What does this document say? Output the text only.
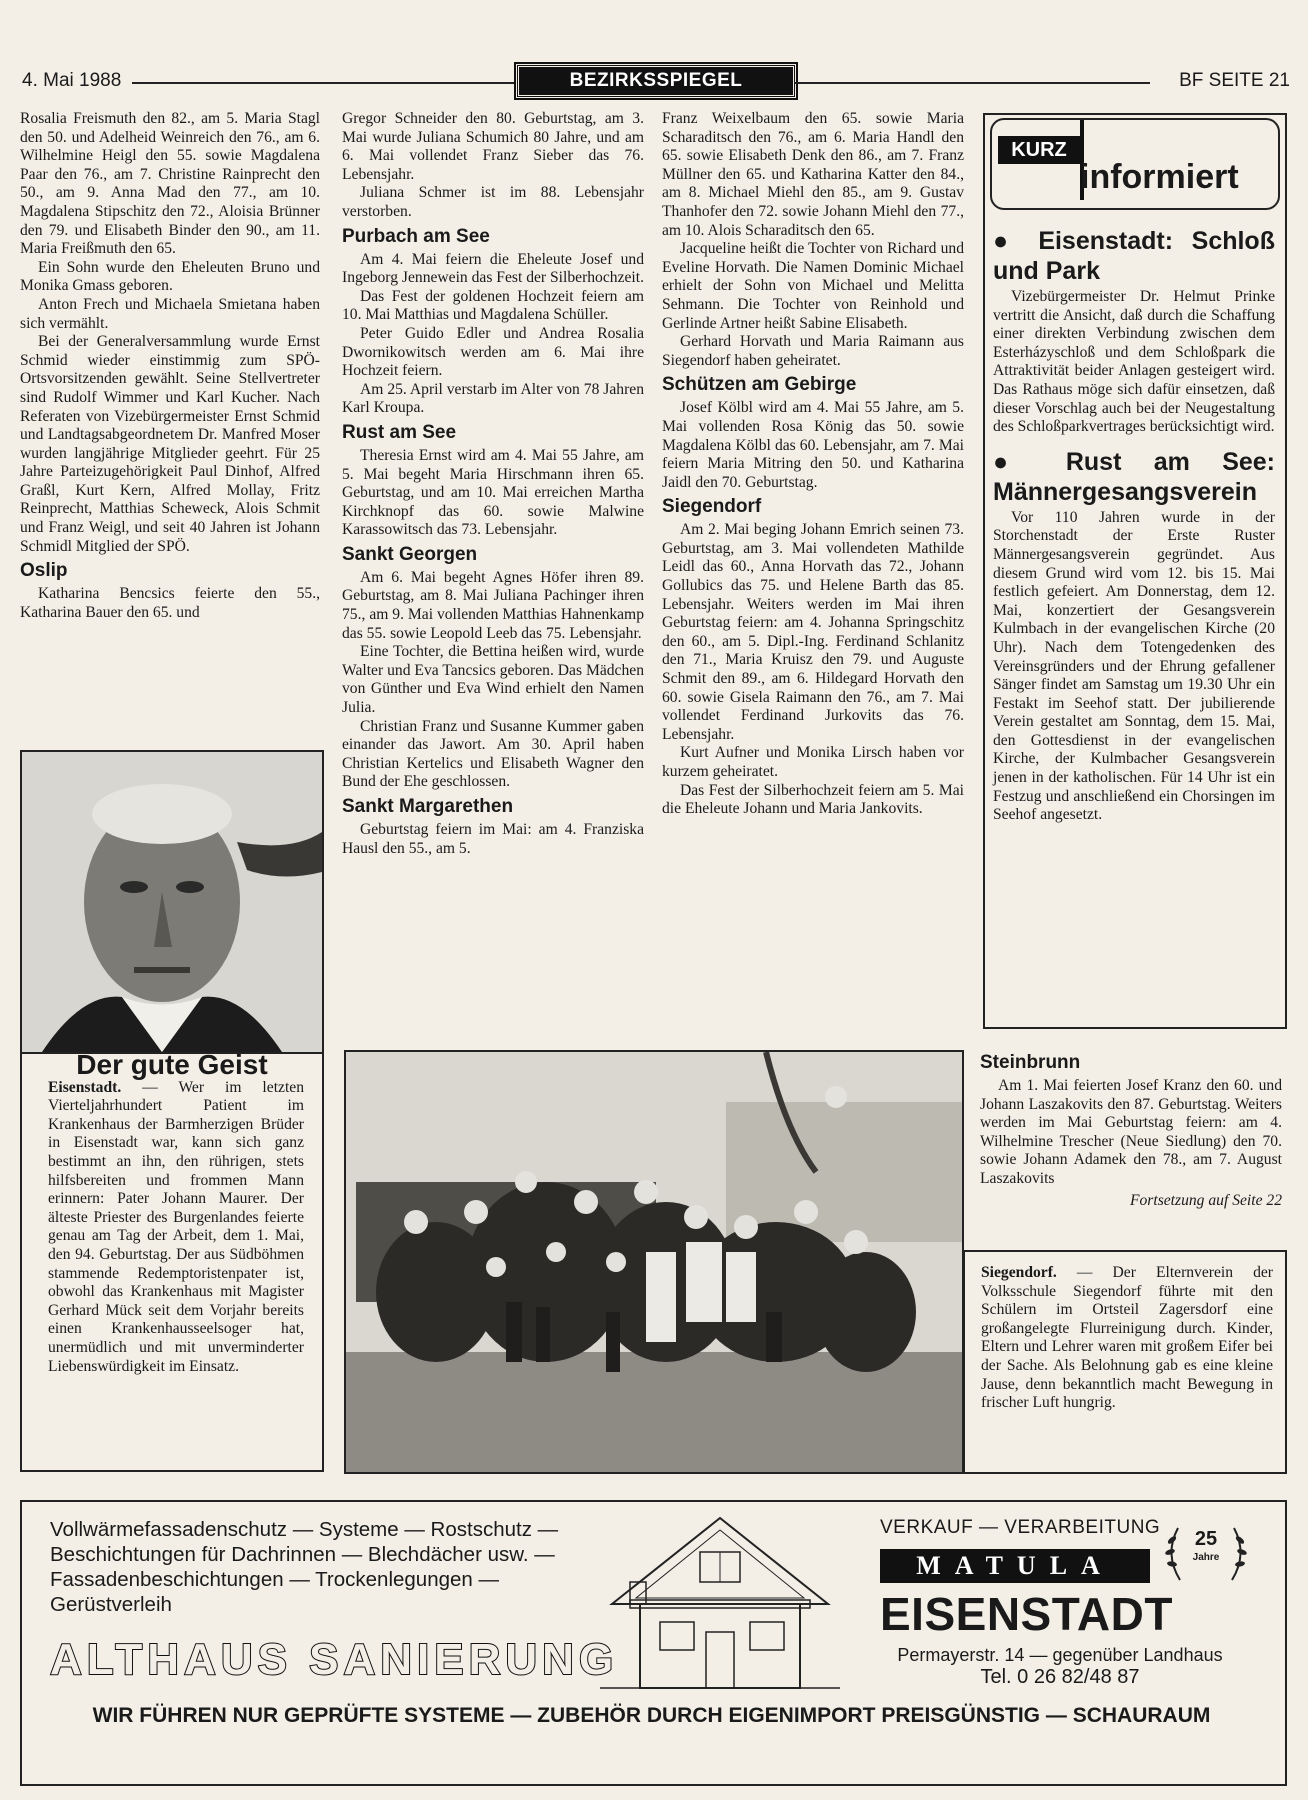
4. Mai 1988	BEZIRKSSPIEGEL	BF SEITE 21

Rosalia Freismuth den 82., am 5. Maria Stagl den 50. und Adelheid Weinreich den 76., am 6. Wilhelmine Heigl den 55. sowie Magdalena Paar den 76., am 7. Christine Rainprecht den 50., am 9. Anna Mad den 77., am 10. Magdalena Stipschitz den 72., Aloisia Brünner den 79. und Elisabeth Binder den 90., am 11. Maria Freißmuth den 65.

Ein Sohn wurde den Eheleuten Bruno und Monika Gmass geboren.

Anton Frech und Michaela Smietana haben sich vermählt.

Bei der Generalversammlung wurde Ernst Schmid wieder einstimmig zum SPÖ-Ortsvorsitzenden gewählt. Seine Stellvertreter sind Rudolf Wimmer und Karl Kucher. Nach Referaten von Vizebürgermeister Ernst Schmid und Landtagsabgeordnetem Dr. Manfred Moser wurden langjährige Mitglieder geehrt. Für 25 Jahre Parteizugehörigkeit Paul Dinhof, Alfred Graßl, Kurt Kern, Alfred Mollay, Fritz Reinprecht, Matthias Scheweck, Alois Schmit und Franz Weigl, und seit 40 Jahren ist Johann Schmidl Mitglied der SPÖ.

Oslip

Katharina Bencsics feierte den 55., Katharina Bauer den 65. und

Der gute Geist
Eisenstadt. — Wer im letzten Vierteljahrhundert Patient im Krankenhaus der Barmherzigen Brüder in Eisenstadt war, kann sich ganz bestimmt an ihn, den rührigen, stets hilfsbereiten und frommen Mann erinnern: Pater Johann Maurer. Der älteste Priester des Burgenlandes feierte genau am Tag der Arbeit, dem 1. Mai, den 94. Geburtstag. Der aus Südböhmen stammende Redemptoristenpater ist, obwohl das Krankenhaus mit Magister Gerhard Mück seit dem Vorjahr bereits einen Krankenhausseelsoger hat, unermüdlich und mit unverminderter Liebenswürdigkeit im Einsatz.

Gregor Schneider den 80. Geburtstag, am 3. Mai wurde Juliana Schumich 80 Jahre, und am 6. Mai vollendet Franz Sieber das 76. Lebensjahr.

Juliana Schmer ist im 88. Lebensjahr verstorben.

Purbach am See

Am 4. Mai feiern die Eheleute Josef und Ingeborg Jennewein das Fest der Silberhochzeit.

Das Fest der goldenen Hochzeit feiern am 10. Mai Matthias und Magdalena Schüller.

Peter Guido Edler und Andrea Rosalia Dwornikowitsch werden am 6. Mai ihre Hochzeit feiern.

Am 25. April verstarb im Alter von 78 Jahren Karl Kroupa.

Rust am See

Theresia Ernst wird am 4. Mai 55 Jahre, am 5. Mai begeht Maria Hirschmann ihren 65. Geburtstag, und am 10. Mai erreichen Martha Kirchknopf das 60. sowie Malwine Karassowitsch das 73. Lebensjahr.

Sankt Georgen

Am 6. Mai begeht Agnes Höfer ihren 89. Geburtstag, am 8. Mai Juliana Pachinger ihren 75., am 9. Mai vollenden Matthias Hahnenkamp das 55. sowie Leopold Leeb das 75. Lebensjahr.

Eine Tochter, die Bettina heißen wird, wurde Walter und Eva Tancsics geboren. Das Mädchen von Günther und Eva Wind erhielt den Namen Julia.

Christian Franz und Susanne Kummer gaben einander das Jawort. Am 30. April haben Christian Kertelics und Elisabeth Wagner den Bund der Ehe geschlossen.

Sankt Margarethen

Geburtstag feiern im Mai: am 4. Franziska Hausl den 55., am 5.

Franz Weixelbaum den 65. sowie Maria Scharaditsch den 76., am 6. Maria Handl den 65. sowie Elisabeth Denk den 86., am 7. Franz Müllner den 65. und Katharina Katter den 84., am 8. Michael Miehl den 85., am 9. Gustav Thanhofer den 72. sowie Johann Miehl den 77., am 10. Alois Scharaditsch den 65.

Jacqueline heißt die Tochter von Richard und Eveline Horvath. Die Namen Dominic Michael erhielt der Sohn von Michael und Melitta Sehmann. Die Tochter von Reinhold und Gerlinde Artner heißt Sabine Elisabeth.

Gerhard Horvath und Maria Raimann aus Siegendorf haben geheiratet.

Schützen am Gebirge

Josef Kölbl wird am 4. Mai 55 Jahre, am 5. Mai vollenden Rosa König das 50. sowie Magdalena Kölbl das 60. Lebensjahr, am 7. Mai feiern Maria Mitring den 50. und Katharina Jaidl den 70. Geburtstag.

Siegendorf

Am 2. Mai beging Johann Emrich seinen 73. Geburtstag, am 3. Mai vollendeten Mathilde Leidl das 60., Anna Horvath das 72., Johann Gollubics das 75. und Helene Barth das 85. Lebensjahr. Weiters werden im Mai ihren Geburtstag feiern: am 4. Johanna Springschitz den 60., am 5. Dipl.-Ing. Ferdinand Schlanitz den 71., Maria Kruisz den 79. und Auguste Schmit den 89., am 6. Hildegard Horvath den 60. sowie Gisela Raimann den 76., am 7. Mai vollendet Ferdinand Jurkovits das 76. Lebensjahr.

Kurt Aufner und Monika Lirsch haben vor kurzem geheiratet.

Das Fest der Silberhochzeit feiern am 5. Mai die Eheleute Johann und Maria Jankovits.

KURZ
informiert
● Eisenstadt: Schloß und Park

Vizebürgermeister Dr. Helmut Prinke vertritt die Ansicht, daß durch die Schaffung einer direkten Verbindung zwischen dem Esterházyschloß und dem Schloßpark die Attraktivität beider Anlagen gesteigert wird. Das Rathaus möge sich dafür einsetzen, daß dieser Vorschlag auch bei der Neugestaltung des Schloßparkvertrages berücksichtigt wird.

● Rust am See: Männergesangsverein

Vor 110 Jahren wurde in der Storchenstadt der Erste Ruster Männergesangsverein gegründet. Aus diesem Grund wird vom 12. bis 15. Mai festlich gefeiert. Am Donnerstag, dem 12. Mai, konzertiert der Gesangsverein Kulmbach in der evangelischen Kirche (20 Uhr). Nach dem Totengedenken des Vereinsgründers und der Ehrung gefallener Sänger findet am Samstag um 19.30 Uhr ein Festakt im Seehof statt. Der jubilierende Verein gestaltet am Sonntag, dem 15. Mai, den Gottesdienst in der evangelischen Kirche, der Kulmbacher Gesangsverein jenen in der katholischen. Für 14 Uhr ist ein Festzug und anschließend ein Chorsingen im Seehof angesetzt.

Steinbrunn

Am 1. Mai feierten Josef Kranz den 60. und Johann Laszakovits den 87. Geburtstag. Weiters werden im Mai Geburtstag feiern: am 4. Wilhelmine Trescher (Neue Siedlung) den 70. sowie Johann Adamek den 78., am 7. August Laszakovits

Fortsetzung auf Seite 22
Siegendorf. — Der Elternverein der Volksschule Siegendorf führte mit den Schülern im Ortsteil Zagersdorf eine großangelegte Flurreinigung durch. Kinder, Eltern und Lehrer waren mit großem Eifer bei der Sache. Als Belohnung gab es eine kleine Jause, denn bekanntlich macht Bewegung in frischer Luft hungrig.
Vollwärmefassadenschutz — Systeme — Rostschutz — Beschichtungen für Dachrinnen — Blechdächer usw. — Fassadenbeschichtungen — Trockenlegungen — Gerüstverleih
ALTHAUS SANIERUNG
VERKAUF — VERARBEITUNG
MATULA
EISENSTADT
Permayerstr. 14 — gegenüber Landhaus
Tel. 0 26 82/48 87
25
Jahre
WIR FÜHREN NUR GEPRÜFTE SYSTEME — ZUBEHÖR DURCH EIGENIMPORT PREISGÜNSTIG — SCHAURAUM
